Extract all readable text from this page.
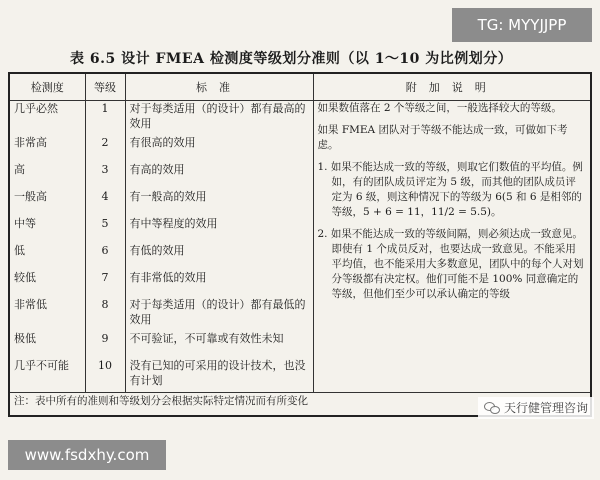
TG: MYYJJPP
表 6.5 设计 FMEA 检测度等级划分准则（以 1～10 为比例划分）
检测度	等级	标准	附加说明
几乎必然	1	对于每类适用（的设计）都有最高的效用	如果数值落在 2 个等级之间，一般选择较大的等级。

如果 FMEA 团队对于等级不能达成一致，可做如下考虑。

1. 如果不能达成一致的等级，则取它们数值的平均值。例如，有的团队成员评定为 5 级，而其他的团队成员评定为 6 级，则这种情况下的等级为 6(5 和 6 是相邻的等级，5 + 6 = 11，11/2 = 5.5)。

2. 如果不能达成一致的等级间隔，则必须达成一致意见。即使有 1 个成员反对，也要达成一致意见。不能采用平均值，也不能采用大多数意见，团队中的每个人对划分等级都有决定权。他们可能不是 100% 同意确定的等级，但他们至少可以承认确定的等级

非常高	2	有很高的效用	
高	3	有高的效用	
一般高	4	有一般高的效用	
中等	5	有中等程度的效用	
低	6	有低的效用	
较低	7	有非常低的效用	
非常低	8	对于每类适用（的设计）都有最低的效用	
极低	9	不可验证，不可靠或有效性未知	
几乎不可能	10	没有已知的可采用的设计技术，也没有计划	
注：表中所有的准则和等级划分会根据实际特定情况而有所变化				天行健管理咨询
www.fsdxhy.com
